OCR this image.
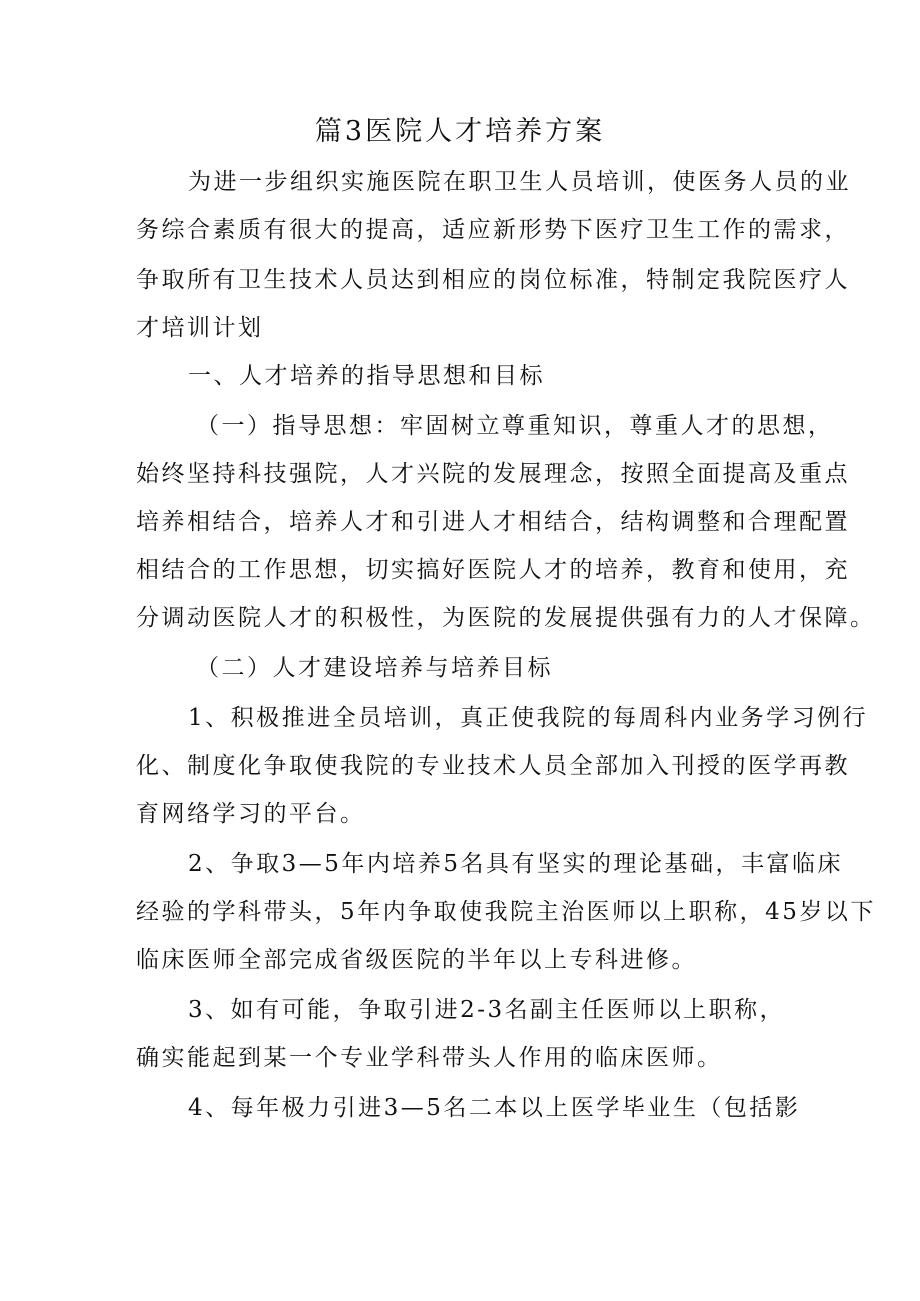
篇3医院人才培养方案
为进一步组织实施医院在职卫生人员培训，使医务人员的业
务综合素质有很大的提高，适应新形势下医疗卫生工作的需求，
争取所有卫生技术人员达到相应的岗位标准，特制定我院医疗人
才培训计划
一、人才培养的指导思想和目标
（一）指导思想：牢固树立尊重知识，尊重人才的思想，
始终坚持科技强院，人才兴院的发展理念，按照全面提高及重点
培养相结合，培养人才和引进人才相结合，结构调整和合理配置
相结合的工作思想，切实搞好医院人才的培养，教育和使用，充
分调动医院人才的积极性，为医院的发展提供强有力的人才保障。
（二）人才建设培养与培养目标
1、积极推进全员培训，真正使我院的每周科内业务学习例行
化、制度化争取使我院的专业技术人员全部加入刊授的医学再教
育网络学习的平台。
2、争取3—5年内培养5名具有坚实的理论基础，丰富临床
经验的学科带头，5年内争取使我院主治医师以上职称，45岁以下
临床医师全部完成省级医院的半年以上专科进修。
3、如有可能，争取引进2-3名副主任医师以上职称，
确实能起到某一个专业学科带头人作用的临床医师。
4、每年极力引进3—5名二本以上医学毕业生（包括影
